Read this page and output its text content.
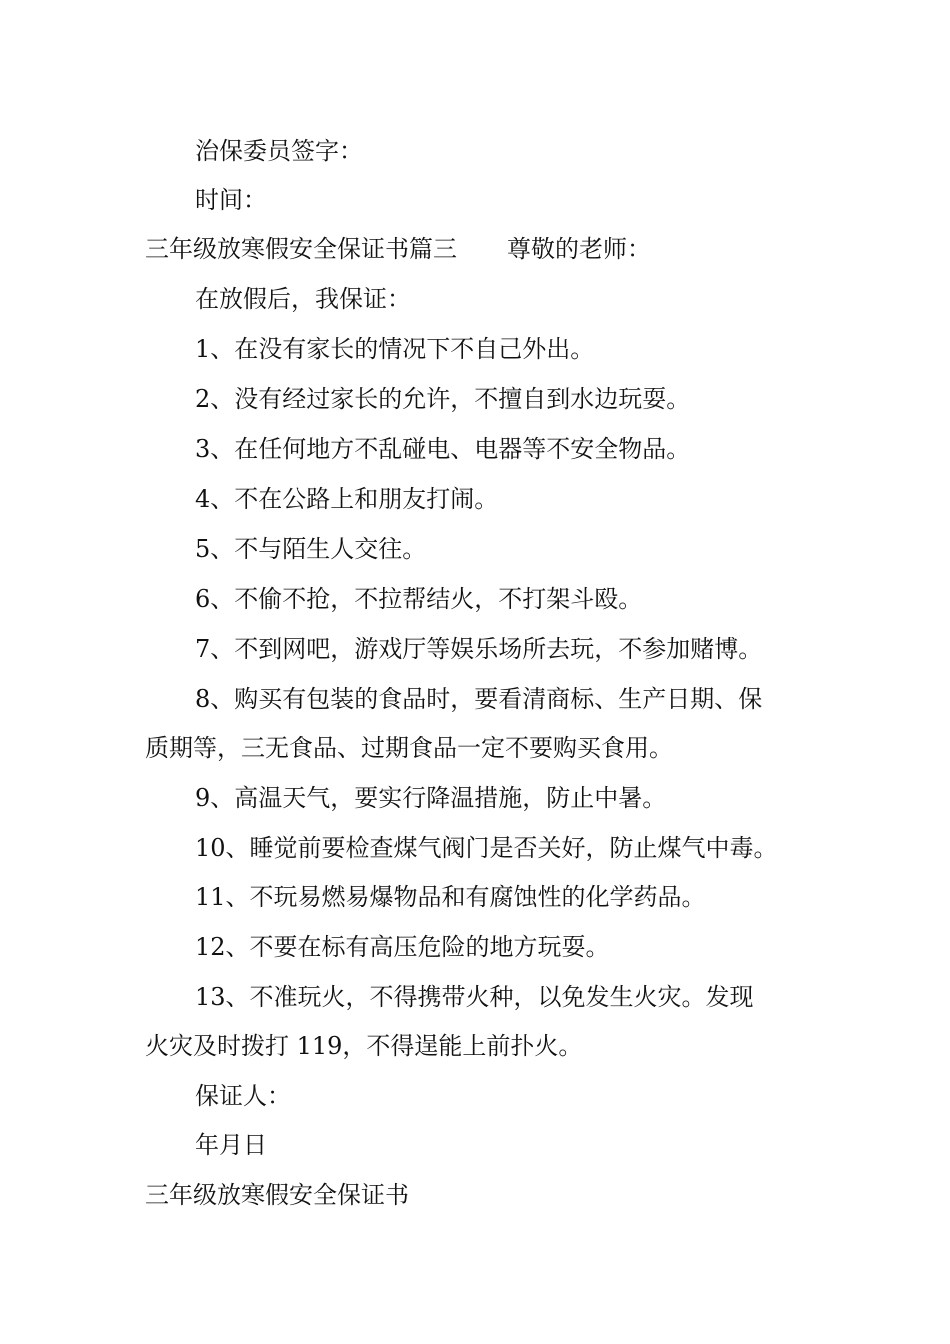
治保委员签字：
时间：
三年级放寒假安全保证书篇三 尊敬的老师：
在放假后，我保证：
1、在没有家长的情况下不自己外出。
2、没有经过家长的允许，不擅自到水边玩耍。
3、在任何地方不乱碰电、电器等不安全物品。
4、不在公路上和朋友打闹。
5、不与陌生人交往。
6、不偷不抢，不拉帮结火，不打架斗殴。
7、不到网吧，游戏厅等娱乐场所去玩，不参加赌博。
8、购买有包装的食品时，要看清商标、生产日期、保
质期等，三无食品、过期食品一定不要购买食用。
9、高温天气，要实行降温措施，防止中暑。
10、睡觉前要检查煤气阀门是否关好，防止煤气中毒。
11、不玩易燃易爆物品和有腐蚀性的化学药品。
12、不要在标有高压危险的地方玩耍。
13、不准玩火，不得携带火种，以免发生火灾。发现
火灾及时拨打 119，不得逞能上前扑火。
保证人：
年月日
三年级放寒假安全保证书
